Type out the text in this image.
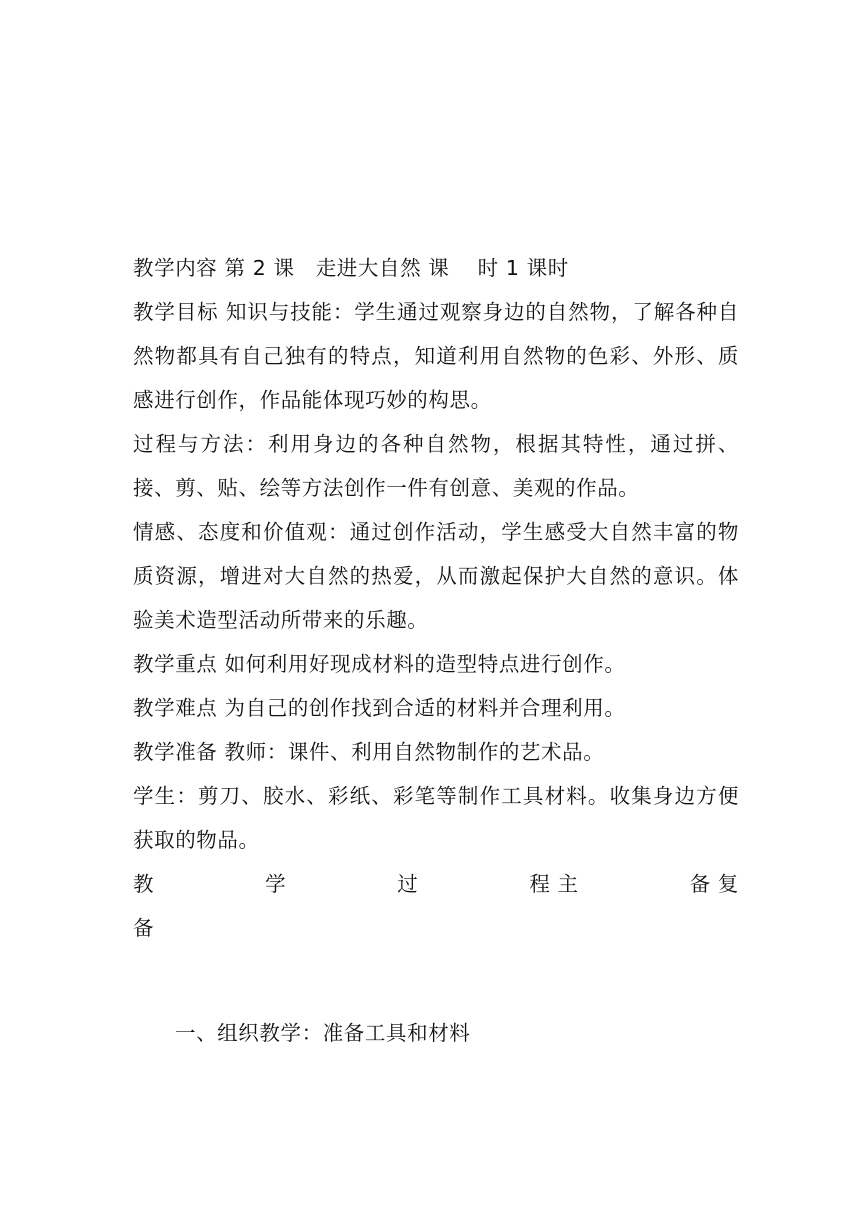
教学内容 第 2 课　走进大自然 课　 时 1 课时

教学目标 知识与技能：学生通过观察身边的自然物，了解各种自然物都具有自己独有的特点，知道利用自然物的色彩、外形、质感进行创作，作品能体现巧妙的构思。

过程与方法：利用身边的各种自然物，根据其特性，通过拼、接、剪、贴、绘等方法创作一件有创意、美观的作品。

情感、态度和价值观：通过创作活动，学生感受大自然丰富的物质资源，增进对大自然的热爱，从而激起保护大自然的意识。体验美术造型活动所带来的乐趣。

教学重点 如何利用好现成材料的造型特点进行创作。

教学难点 为自己的创作找到合适的材料并合理利用。

教学准备 教师：课件、利用自然物制作的艺术品。

学生：剪刀、胶水、彩纸、彩笔等制作工具材料。收集身边方便获取的物品。

教	学	过	程 主	备 复
备
一、组织教学：准备工具和材料
